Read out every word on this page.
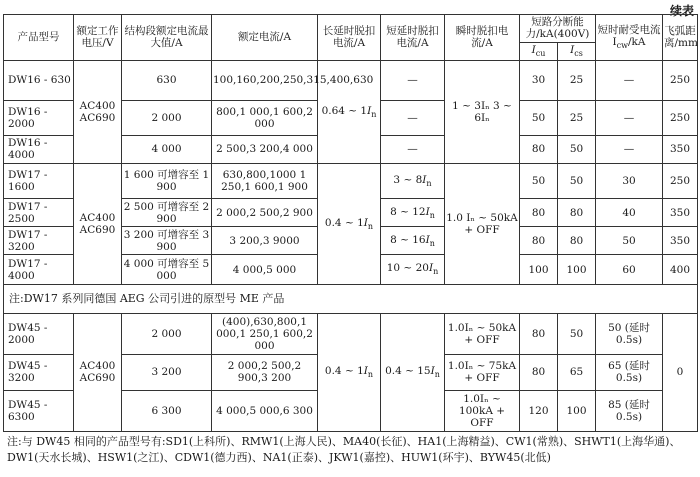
续表
产品型号	额定工作电压/V	结构段额定电流最大值/A	额定电流/A	长延时脱扣电流/A	短延时脱扣电流/A	瞬时脱扣电流/A	短路分断能力/kA(400V)		短时耐受电流 $I_{cw}/kA$	飞弧距离/mm
							$I_{cu}$	$I_{cs}$
DW16 - 630	AC400 AC690	630	100,160,200,250,315,400,630	0.64 ~ $1I_n$	—	1 ~ 3Iₙ 3 ~ 6Iₙ	30	25	—	250
DW16 - 2000		2 000	800,1 000,1 600,2 000		—		50	25	—	250
DW16 - 4000		4 000	2 500,3 200,4 000		—		80	50	—	350
DW17 - 1600	AC400 AC690	1 600 可增容至 1 900	630,800,1000 1 250,1 600,1 900	0.4 ~ $1I_n$	3 ~ $8I_n$	1.0 Iₙ ~ 50kA + OFF	50	50	30	250
DW17 - 2500		2 500 可增容至 2 900	2 000,2 500,2 900		8 ~ $12I_n$		80	80	40	350
DW17 - 3200		3 200 可增容至 3 900	3 200,3 9000		8 ~ $16I_n$		80	80	50	350
DW17 - 4000		4 000 可增容至 5 000	4 000,5 000		10 ~ $20I_n$		100	100	60	400
注:DW17 系列同德国 AEG 公司引进的原型号 ME 产品										
DW45 - 2000	AC400 AC690	2 000	(400),630,800,1 000,1 250,1 600,2 000	0.4 ~ $1I_n$	0.4 ~ $15I_n$	1.0Iₙ ~ 50kA + OFF	80	50	50 (延时 0.5s)	0
DW45 - 3200		3 200	2 000,2 500,2 900,3 200			1.0Iₙ ~ 75kA + OFF	80	65	65 (延时 0.5s)	
DW45 - 6300		6 300	4 000,5 000,6 300			1.0Iₙ ~ 100kA + OFF	120	100	85 (延时 0.5s)	
注:与 DW45 相同的产品型号有:SD1(上科所)、RMW1(上海人民)、MA40(长征)、HA1(上海精益)、CW1(常熟)、SHWT1(上海华通)、DW1(天水长城)、HSW1(之江)、CDW1(德力西)、NA1(正泰)、JKW1(嘉控)、HUW1(环宇)、BYW45(北低)
